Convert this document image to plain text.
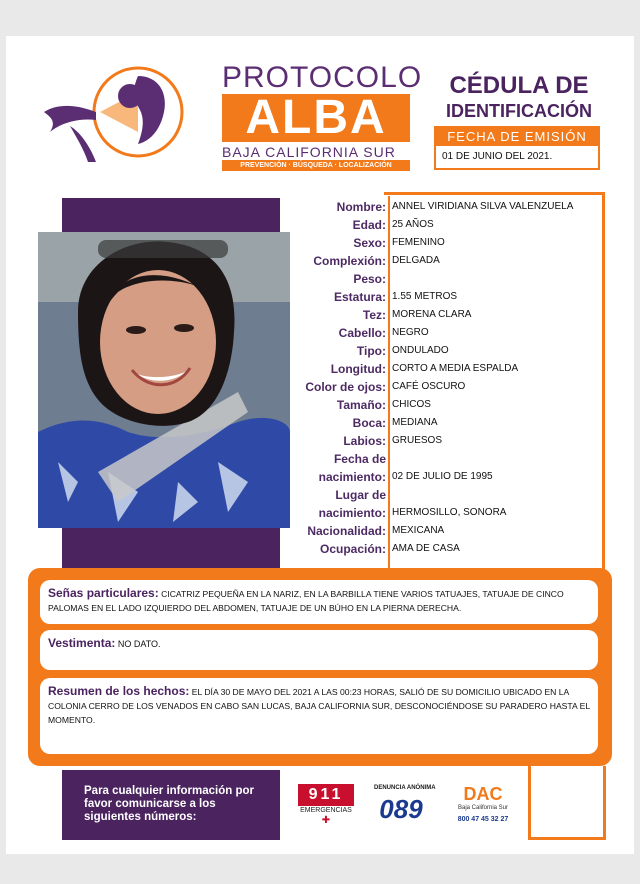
PROTOCOLO
ALBA
BAJA CALIFORNIA SUR
PREVENCIÓN · BÚSQUEDA · LOCALIZACIÓN
CÉDULA DE
IDENTIFICACIÓN
FECHA DE EMISIÓN
01 DE JUNIO DEL 2021.
Nombre:
Edad:
Sexo:
Complexión:
Peso:
Estatura:
Tez:
Cabello:
Tipo:
Longitud:
Color de ojos:
Tamaño:
Boca:
Labios:
Fecha de
nacimiento:
Lugar de
nacimiento:
Nacionalidad:
Ocupación:
ANNEL VIRIDIANA SILVA VALENZUELA
25 AÑOS
FEMENINO
DELGADA

1.55 METROS
MORENA CLARA
NEGRO
ONDULADO
CORTO A MEDIA ESPALDA
CAFÉ OSCURO
CHICOS
MEDIANA
GRUESOS

02 DE JULIO DE 1995

HERMOSILLO, SONORA
MEXICANA
AMA DE CASA
Señas particulares: CICATRIZ PEQUEÑA EN LA NARIZ, EN LA BARBILLA TIENE VARIOS TATUAJES, TATUAJE DE CINCO PALOMAS EN EL LADO IZQUIERDO DEL ABDOMEN, TATUAJE DE UN BÚHO EN LA PIERNA DERECHA.
Vestimenta: NO DATO.
Resumen de los hechos: EL DÍA 30 DE MAYO DEL 2021 A LAS 00:23 HORAS, SALIÓ DE SU DOMICILIO UBICADO EN LA COLONIA CERRO DE LOS VENADOS EN CABO SAN LUCAS, BAJA CALIFORNIA SUR, DESCONOCIÉNDOSE SU PARADERO HASTA EL MOMENTO.
Para cualquier información por favor comunicarse a los siguientes números:
911
EMERGENCIAS
✚
DENUNCIA ANÓNIMA
089	DAC
Baja California Sur
800 47 45 32 27
